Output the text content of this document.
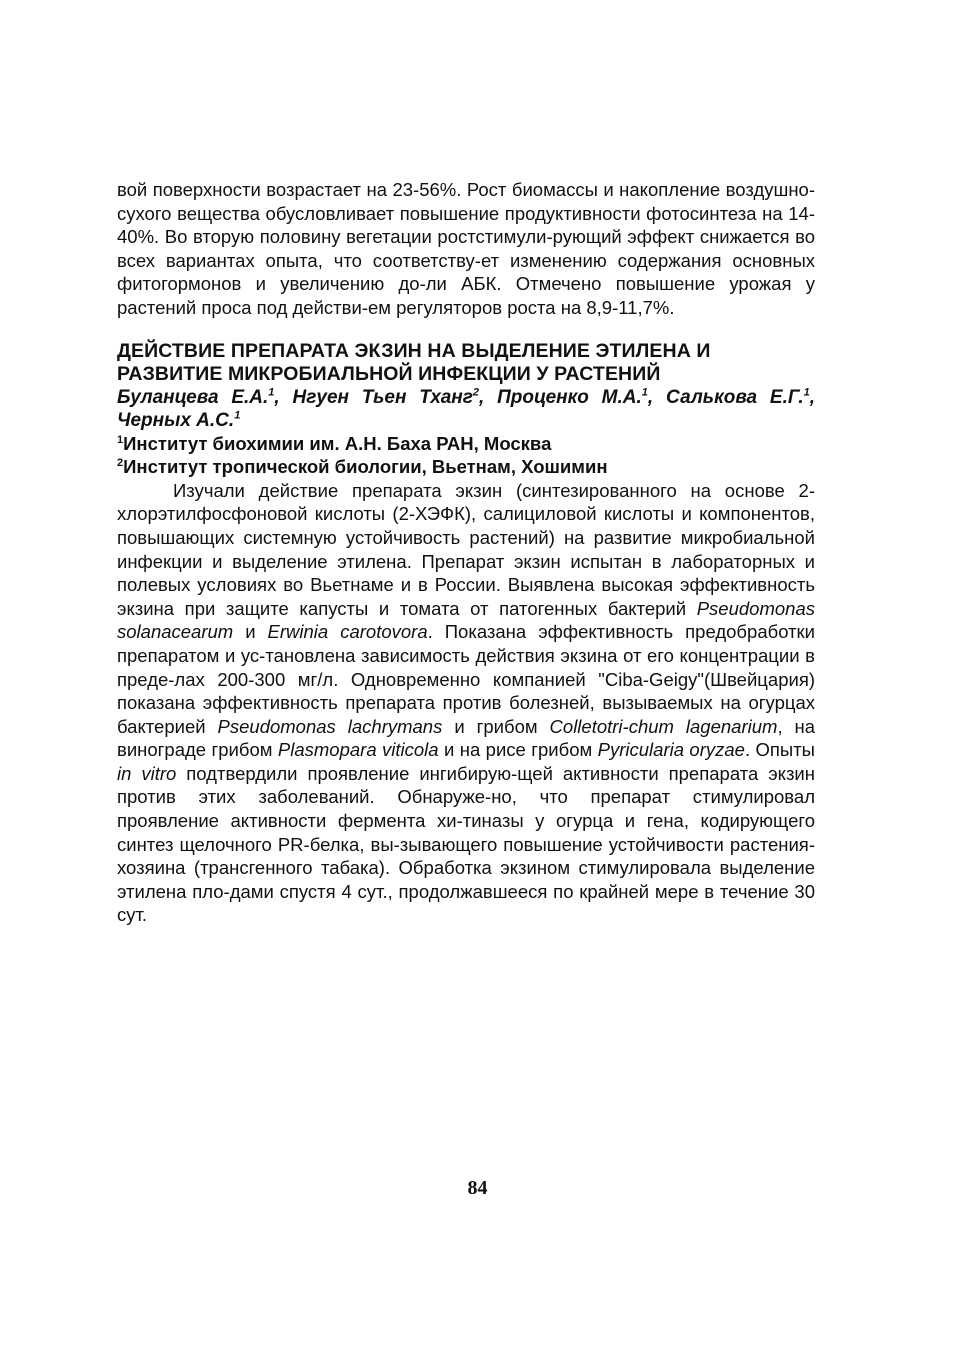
вой поверхности возрастает на 23-56%. Рост биомассы и накопление воздушно-сухого вещества обусловливает повышение продуктивности фотосинтеза на 14-40%. Во вторую половину вегетации ростстимули-рующий эффект снижается во всех вариантах опыта, что соответству-ет изменению содержания основных фитогормонов и увеличению до-ли АБК. Отмечено повышение урожая у растений проса под действи-ем регуляторов роста на 8,9-11,7%.

ДЕЙСТВИЕ ПРЕПАРАТА ЭКЗИН НА ВЫДЕЛЕНИЕ ЭТИЛЕНА И
РАЗВИТИЕ МИКРОБИАЛЬНОЙ ИНФЕКЦИИ У РАСТЕНИЙ

Буланцева Е.А.$^1$, Нгуен Тьен Тханг$^2$, Проценко М.А.$^1$, Салькова Е.Г.$^1$, Черных А.С.$^1$

$^1$Институт биохимии им. А.Н. Баха РАН, Москва

$^2$Институт тропической биологии, Вьетнам, Хошимин

Изучали действие препарата экзин (синтезированного на основе 2-хлорэтилфосфоновой кислоты (2-ХЭФК), салициловой кислоты и компонентов, повышающих системную устойчивость растений) на развитие микробиальной инфекции и выделение этилена. Препарат экзин испытан в лабораторных и полевых условиях во Вьетнаме и в России. Выявлена высокая эффективность экзина при защите капусты и томата от патогенных бактерий Pseudomonas solanacearum и Erwinia carotovora. Показана эффективность предобработки препаратом и ус-тановлена зависимость действия экзина от его концентрации в преде-лах 200-300 мг/л. Одновременно компанией "Ciba-Geigy"(Швейцария) показана эффективность препарата против болезней, вызываемых на огурцах бактерией Pseudomonas lachrymans и грибом Colletotri-chum lagenarium, на винограде грибом Plasmopara viticola и на рисе грибом Pyricularia oryzae. Опыты in vitro подтвердили проявление ингибирую-щей активности препарата экзин против этих заболеваний. Обнаруже-но, что препарат стимулировал проявление активности фермента хи-тиназы у огурца и гена, кодирующего синтез щелочного PR-белка, вы-зывающего повышение устойчивости растения-хозяина (трансгенного табака). Обработка экзином стимулировала выделение этилена пло-дами спустя 4 сут., продолжавшееся по крайней мере в течение 30 сут.

84
